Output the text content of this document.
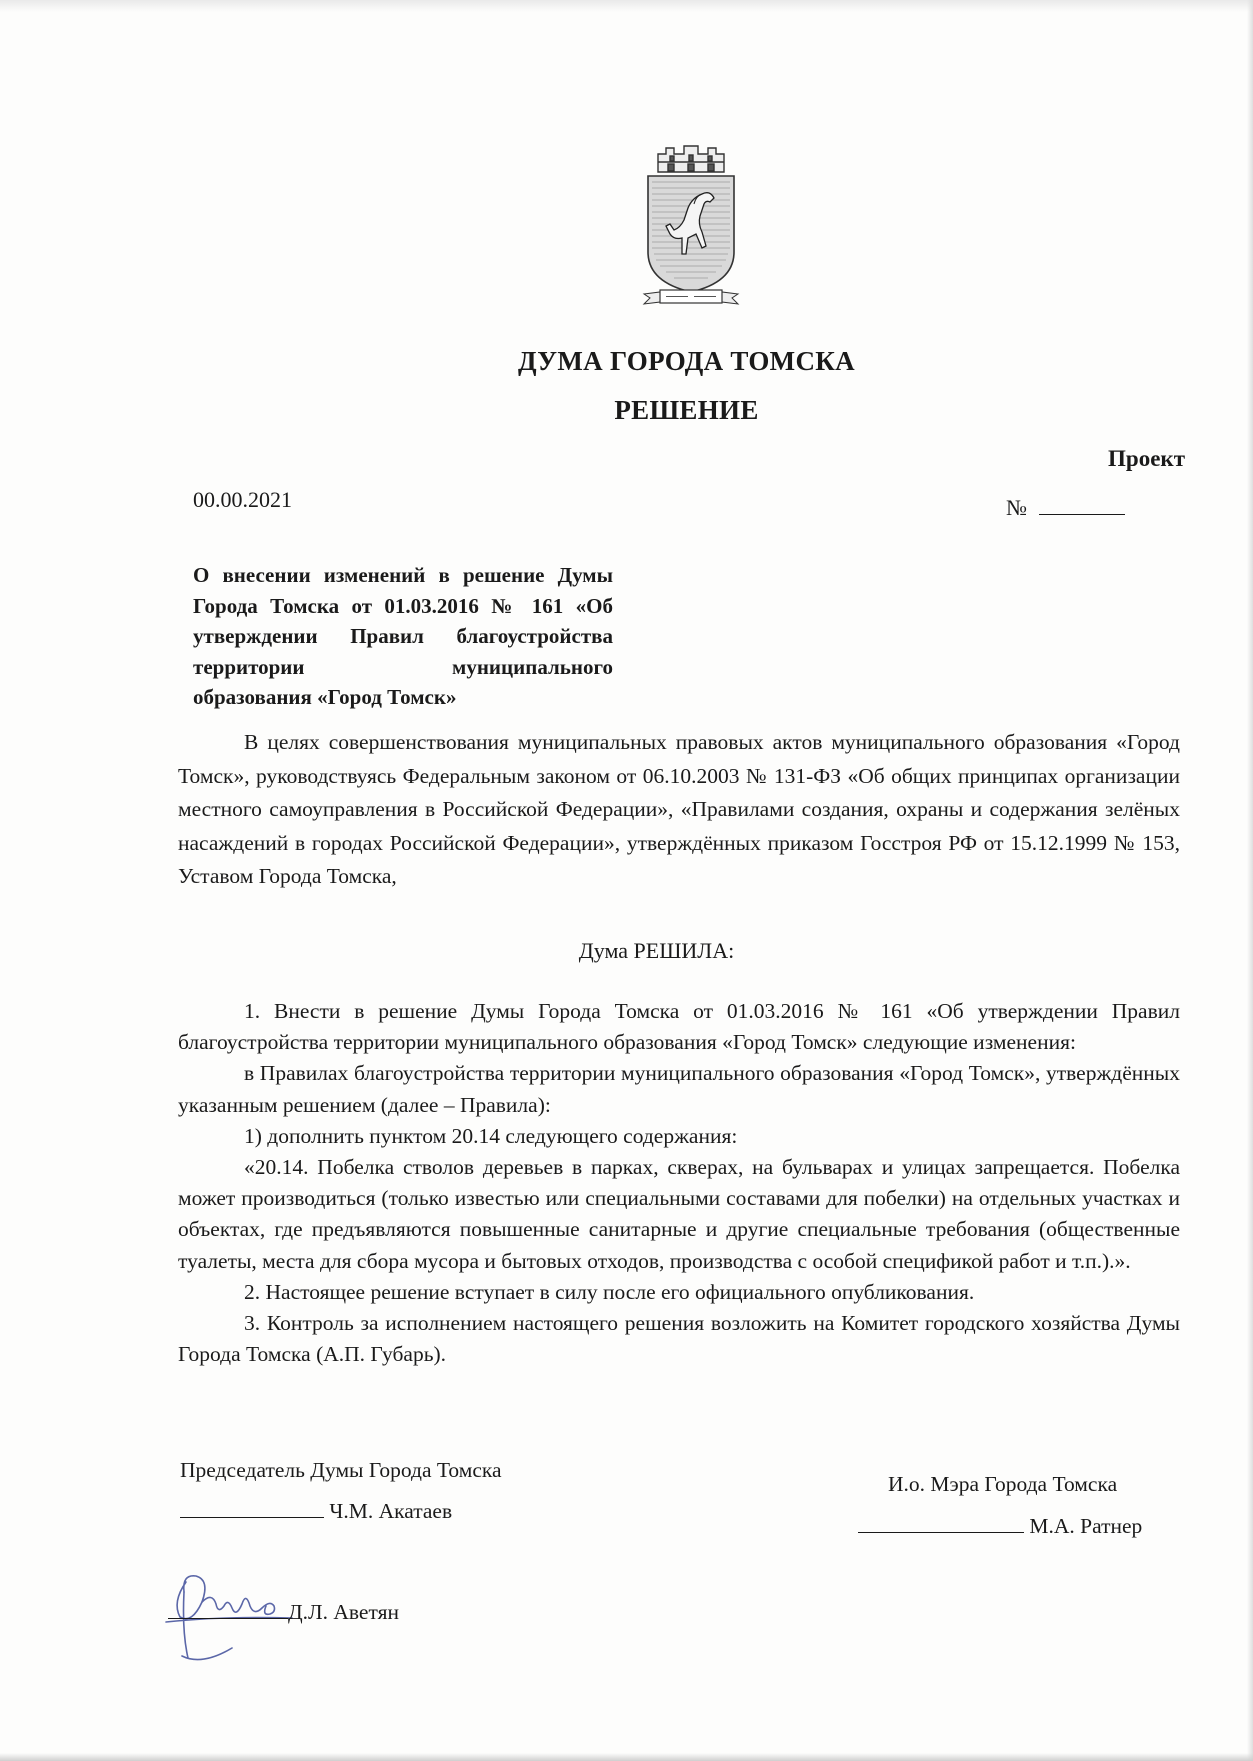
ДУМА ГОРОДА ТОМСКА
РЕШЕНИЕ
Проект
00.00.2021	№
О внесении изменений в решение Думы
Города Томска от 01.03.2016 № 161 «Об
утверждении Правил благоустройства
территории муниципального
образования «Город Томск»

В целях совершенствования муниципальных правовых актов муниципального образования «Город Томск», руководствуясь Федеральным законом от 06.10.2003 № 131-ФЗ «Об общих принципах организации местного самоуправления в Российской Федерации», «Правилами создания, охраны и содержания зелёных насаждений в городах Российской Федерации», утверждённых приказом Госстроя РФ от 15.12.1999 № 153, Уставом Города Томска,

Дума РЕШИЛА:

1. Внести в решение Думы Города Томска от 01.03.2016 № 161 «Об утверждении Правил благоустройства территории муниципального образования «Город Томск» следующие изменения:

в Правилах благоустройства территории муниципального образования «Город Томск», утверждённых указанным решением (далее – Правила):

1) дополнить пунктом 20.14 следующего содержания:

«20.14. Побелка стволов деревьев в парках, скверах, на бульварах и улицах запрещается. Побелка может производиться (только известью или специальными составами для побелки) на отдельных участках и объектах, где предъявляются повышенные санитарные и другие специальные требования (общественные туалеты, места для сбора мусора и бытовых отходов, производства с особой спецификой работ и т.п.).».

2. Настоящее решение вступает в силу после его официального опубликования.

3. Контроль за исполнением настоящего решения возложить на Комитет городского хозяйства Думы Города Томска (А.П. Губарь).

Председатель Думы Города Томска
Ч.М. Акатаев
И.о. Мэра Города Томска
М.А. Ратнер
Д.Л. Аветян
